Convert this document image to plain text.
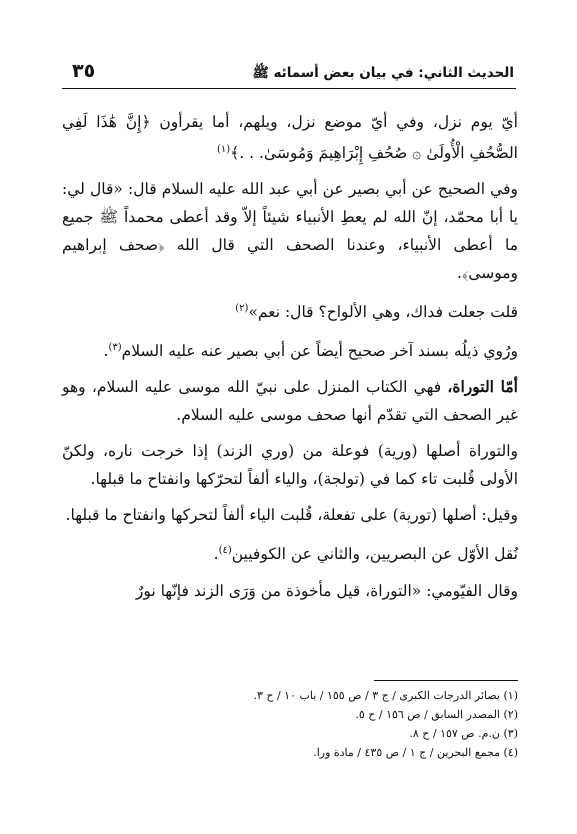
٣٥	الحديث الثاني: في بيان بعض أسمائه ﷺ

أيّ يوم نزل، وفي أيّ موضع نزل، ويلهم، أما يقرأون ﴿إِنَّ هَٰذَا لَفِي الصُّحُفِ الْأُولَىٰ ۞ صُحُفِ إِبْرَاهِيمَ وَمُوسَىٰ. . .﴾$^{(١)}$

وفي الصحيح عن أبي بصير عن أبي عبد الله عليه السلام قال: «قال لي: يا أبا محمّد، إنّ الله لم يعطِ الأنبياء شيئاً إلاّ وقد أعطى محمداً ﷺ جميع ما أعطى الأنبياء، وعندنا الصحف التي قال الله ﴿صحف إبراهيم وموسى﴾.

قلت جعلت فداك، وهي الألواح؟ قال: نعم»$^{(٢)}$

ورُوي ذيلُه بسند آخر صحيح أيضاً عن أبي بصير عنه عليه السلام$^{(٣)}$.

أمّا التوراة، فهي الكتاب المنزل على نبيّ الله موسى عليه السلام، وهو غير الصحف التي تقدّم أنها صحف موسى عليه السلام.

والتوراة أصلها (ورية) فوعلة من (وري الزند) إذا خرجت ناره، ولكنّ الأولى قُلبت تاء كما في (تولجة)، والياء ألفاً لتحرّكها وانفتاح ما قبلها.

وقيل: أصلها (تورية) على تفعلة، قُلبت الياء ألفاً لتحركها وانفتاح ما قبلها.

نُقل الأوّل عن البصريين، والثاني عن الكوفيين$^{(٤)}$.

وقال الفيّومي: «التوراة، قيل مأخوذة من وَرَى الزند فإنّها نورٌ

(١) بصائر الدرجات الكبرى / ج ٣ / ص ١٥٥ / باب ١٠ / ح ٣.
(٢) المصدر السابق / ص ١٥٦ / ح ٥.
(٣) ن.م. ص ١٥٧ / ح ٨.
(٤) مجمع البحرين / ج ١ / ص ٤٣٥ / مادة ورا.
